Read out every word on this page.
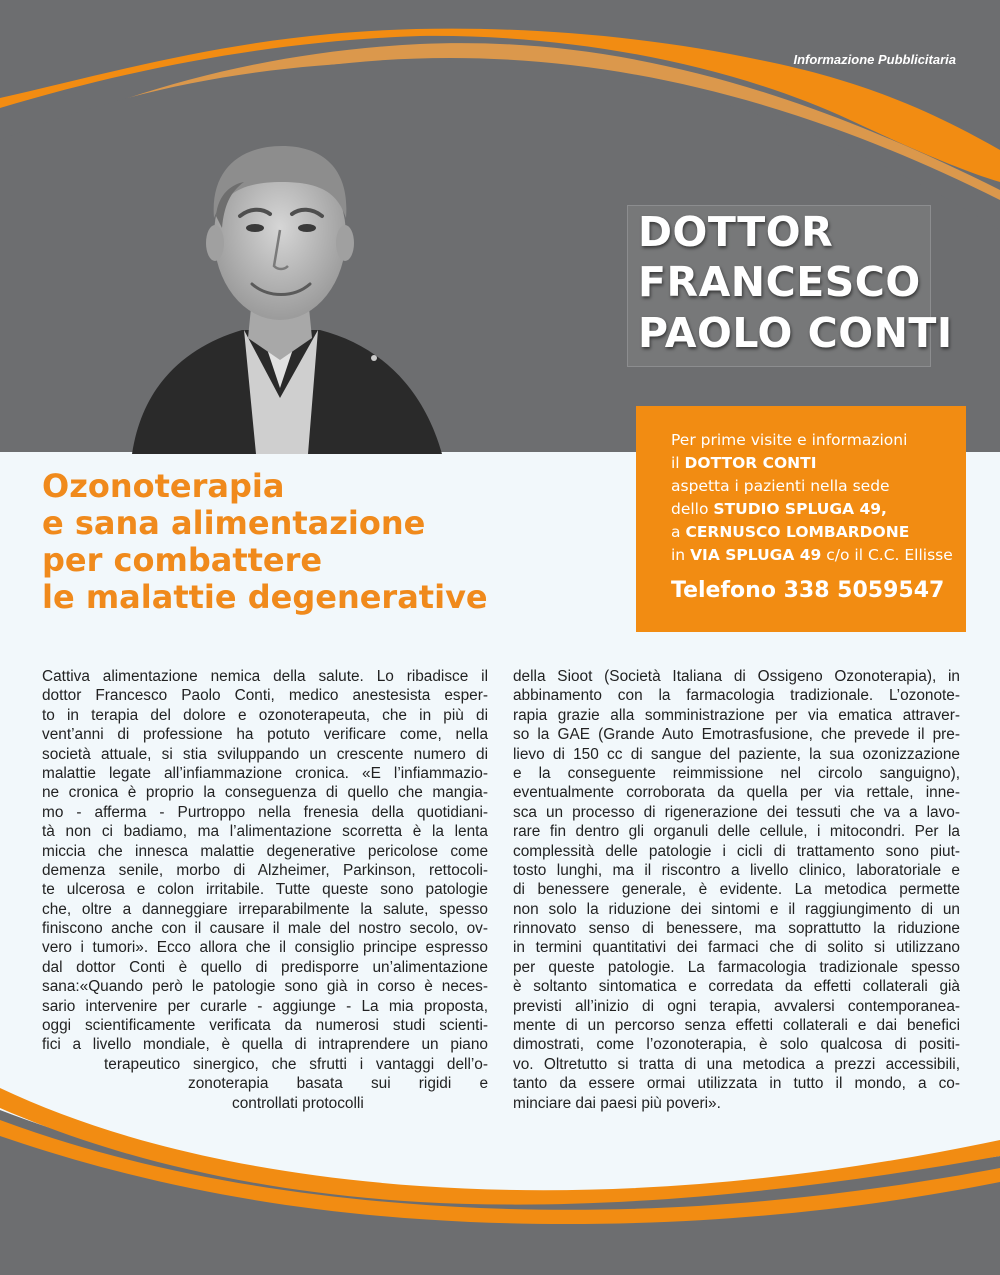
Informazione Pubblicitaria
DOTTOR
FRANCESCO
PAOLO CONTI
Per prime visite e informazioni
il DOTTOR CONTI
aspetta i pazienti nella sede
dello STUDIO SPLUGA 49,
a CERNUSCO LOMBARDONE
in VIA SPLUGA 49 c/o il C.C. Ellisse
Telefono 338 5059547
Ozonoterapia
e sana alimentazione
per combattere
le malattie degenerative
Cattiva alimentazione nemica della salute. Lo ribadisce il
dottor Francesco Paolo Conti, medico anestesista esper-
to in terapia del dolore e ozonoterapeuta, che in più di
vent’anni di professione ha potuto verificare come, nella
società attuale, si stia sviluppando un crescente numero di
malattie legate all’infiammazione cronica. «E l’infiammazio-
ne cronica è proprio la conseguenza di quello che mangia-
mo - afferma - Purtroppo nella frenesia della quotidiani-
tà non ci badiamo, ma l’alimentazione scorretta è la lenta
miccia che innesca malattie degenerative pericolose come
demenza senile, morbo di Alzheimer, Parkinson, rettocoli-
te ulcerosa e colon irritabile. Tutte queste sono patologie
che, oltre a danneggiare irreparabilmente la salute, spesso
finiscono anche con il causare il male del nostro secolo, ov-
vero i tumori». Ecco allora che il consiglio principe espresso
dal dottor Conti è quello di predisporre un’alimentazione
sana:«Quando però le patologie sono già in corso è neces-
sario intervenire per curarle - aggiunge - La mia proposta,
oggi scientificamente verificata da numerosi studi scienti-
fici a livello mondiale, è quella di intraprendere un piano
terapeutico sinergico, che sfrutti i vantaggi dell’o-
zonoterapia basata sui rigidi e
controllati protocolli
della Sioot (Società Italiana di Ossigeno Ozonoterapia), in
abbinamento con la farmacologia tradizionale. L’ozonote-
rapia grazie alla somministrazione per via ematica attraver-
so la GAE (Grande Auto Emotrasfusione, che prevede il pre-
lievo di 150 cc di sangue del paziente, la sua ozonizzazione
e la conseguente reimmissione nel circolo sanguigno),
eventualmente corroborata da quella per via rettale, inne-
sca un processo di rigenerazione dei tessuti che va a lavo-
rare fin dentro gli organuli delle cellule, i mitocondri. Per la
complessità delle patologie i cicli di trattamento sono piut-
tosto lunghi, ma il riscontro a livello clinico, laboratoriale e
di benessere generale, è evidente. La metodica permette
non solo la riduzione dei sintomi e il raggiungimento di un
rinnovato senso di benessere, ma soprattutto la riduzione
in termini quantitativi dei farmaci che di solito si utilizzano
per queste patologie. La farmacologia tradizionale spesso
è soltanto sintomatica e corredata da effetti collaterali già
previsti all’inizio di ogni terapia, avvalersi contemporanea-
mente di un percorso senza effetti collaterali e dai benefici
dimostrati, come l’ozonoterapia, è solo qualcosa di positi-
vo. Oltretutto si tratta di una metodica a prezzi accessibili,
tanto da essere ormai utilizzata in tutto il mondo, a co-
minciare dai paesi più poveri».
